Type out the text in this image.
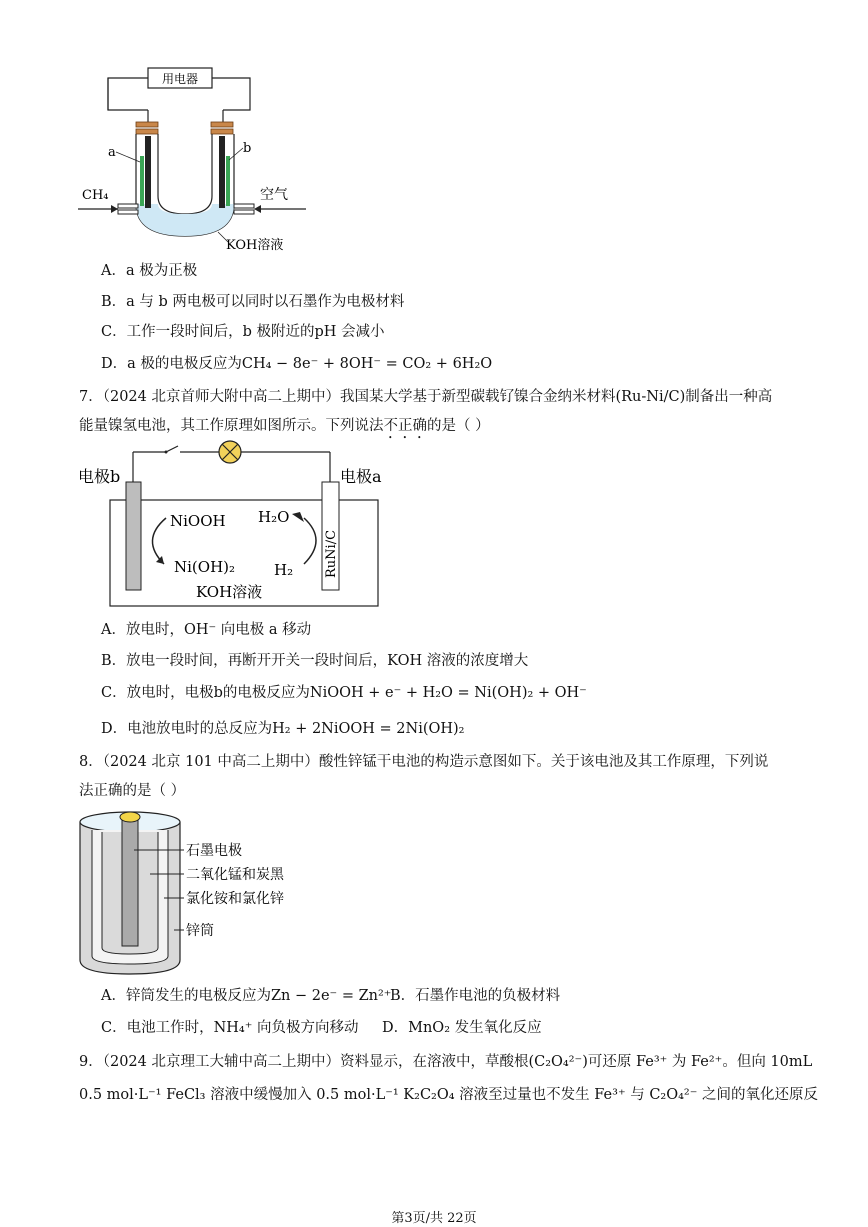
用电器
a	b
CH₄	空气
KOH溶液
A．a 极为正极
B．a 与 b 两电极可以同时以石墨作为电极材料
C．工作一段时间后，b 极附近的pH 会减小
D．a 极的电极反应为CH₄ − 8e⁻ + 8OH⁻ = CO₂ + 6H₂O
7．（2024 北京首师大附中高二上期中）我国某大学基于新型碳载钌镍合金纳米材料(Ru-Ni/C)制备出一种高
能量镍氢电池，其工作原理如图所示。下列说法不正确的是（ ）
RuNi/C
电极b	电极a
NiOOH
Ni(OH)₂
H₂O
H₂
KOH溶液
A．放电时，OH⁻ 向电极 a 移动
B．放电一段时间，再断开开关一段时间后，KOH 溶液的浓度增大
C．放电时，电极b的电极反应为NiOOH + e⁻ + H₂O = Ni(OH)₂ + OH⁻
D．电池放电时的总反应为H₂ + 2NiOOH = 2Ni(OH)₂
8．（2024 北京 101 中高二上期中）酸性锌锰干电池的构造示意图如下。关于该电池及其工作原理，下列说
法正确的是（ ）
石墨电极
二氧化锰和炭黑
氯化铵和氯化锌
锌筒
A．锌筒发生的电极反应为Zn − 2e⁻ = Zn²⁺
B．石墨作电池的负极材料
C．电池工作时，NH₄⁺ 向负极方向移动 D．MnO₂ 发生氧化反应
9．（2024 北京理工大辅中高二上期中）资料显示，在溶液中，草酸根(C₂O₄²⁻)可还原 Fe³⁺ 为 Fe²⁺。但向 10mL
0.5 mol·L⁻¹ FeCl₃ 溶液中缓慢加入 0.5 mol·L⁻¹ K₂C₂O₄ 溶液至过量也不发生 Fe³⁺ 与 C₂O₄²⁻ 之间的氧化还原反
第3页/共 22页
